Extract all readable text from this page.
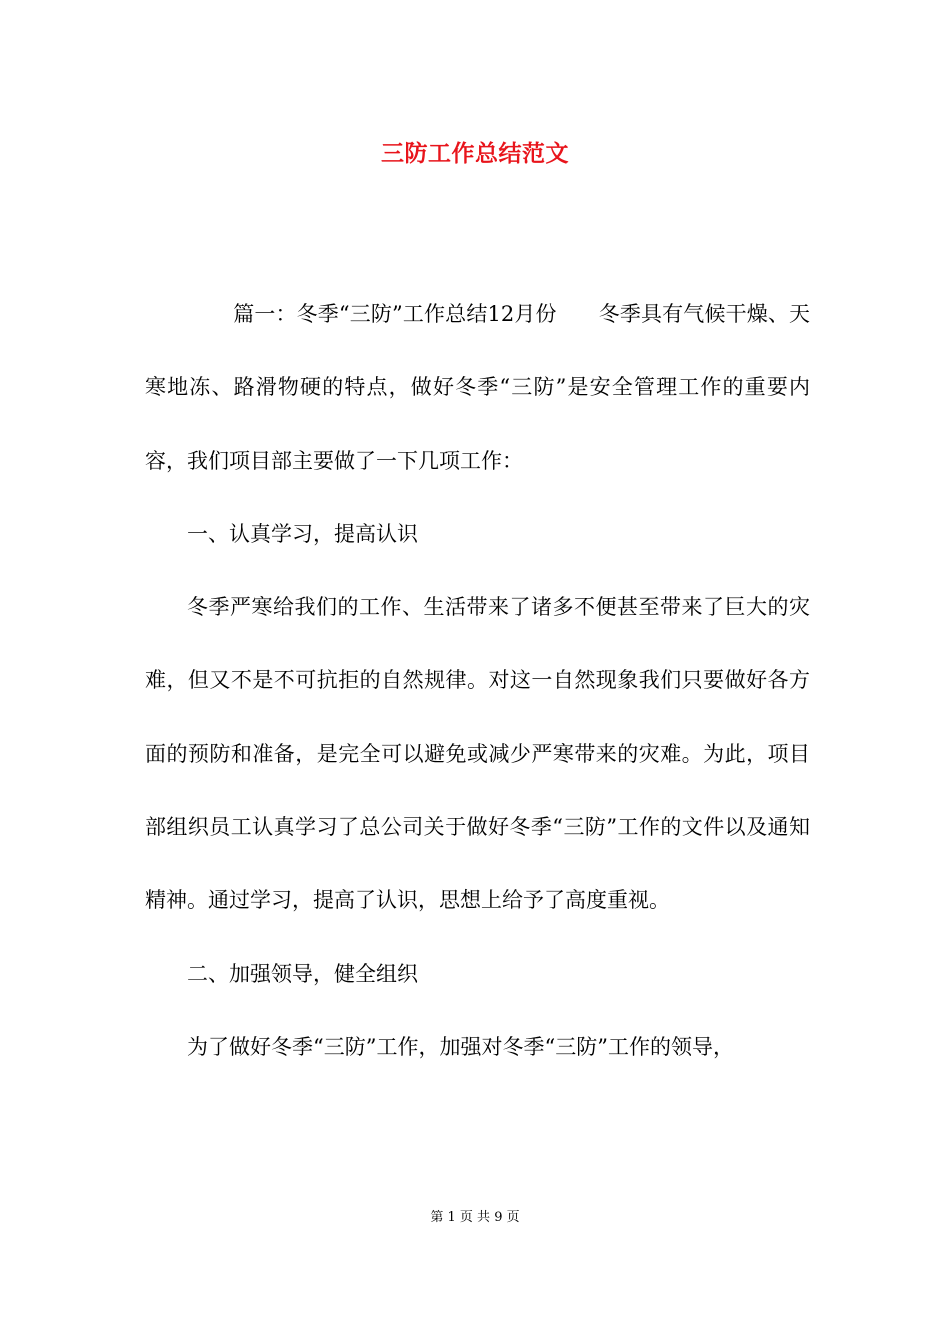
三防工作总结范文

篇一：冬季“三防”工作总结12月份 冬季具有气候干燥、天寒地冻、路滑物硬的特点，做好冬季“三防”是安全管理工作的重要内容，我们项目部主要做了一下几项工作：

一、认真学习，提高认识

冬季严寒给我们的工作、生活带来了诸多不便甚至带来了巨大的灾难，但又不是不可抗拒的自然规律。对这一自然现象我们只要做好各方面的预防和准备，是完全可以避免或减少严寒带来的灾难。为此，项目部组织员工认真学习了总公司关于做好冬季“三防”工作的文件以及通知精神。通过学习，提高了认识，思想上给予了高度重视。

二、加强领导，健全组织

为了做好冬季“三防”工作，加强对冬季“三防”工作的领导，

第 1 页 共 9 页
